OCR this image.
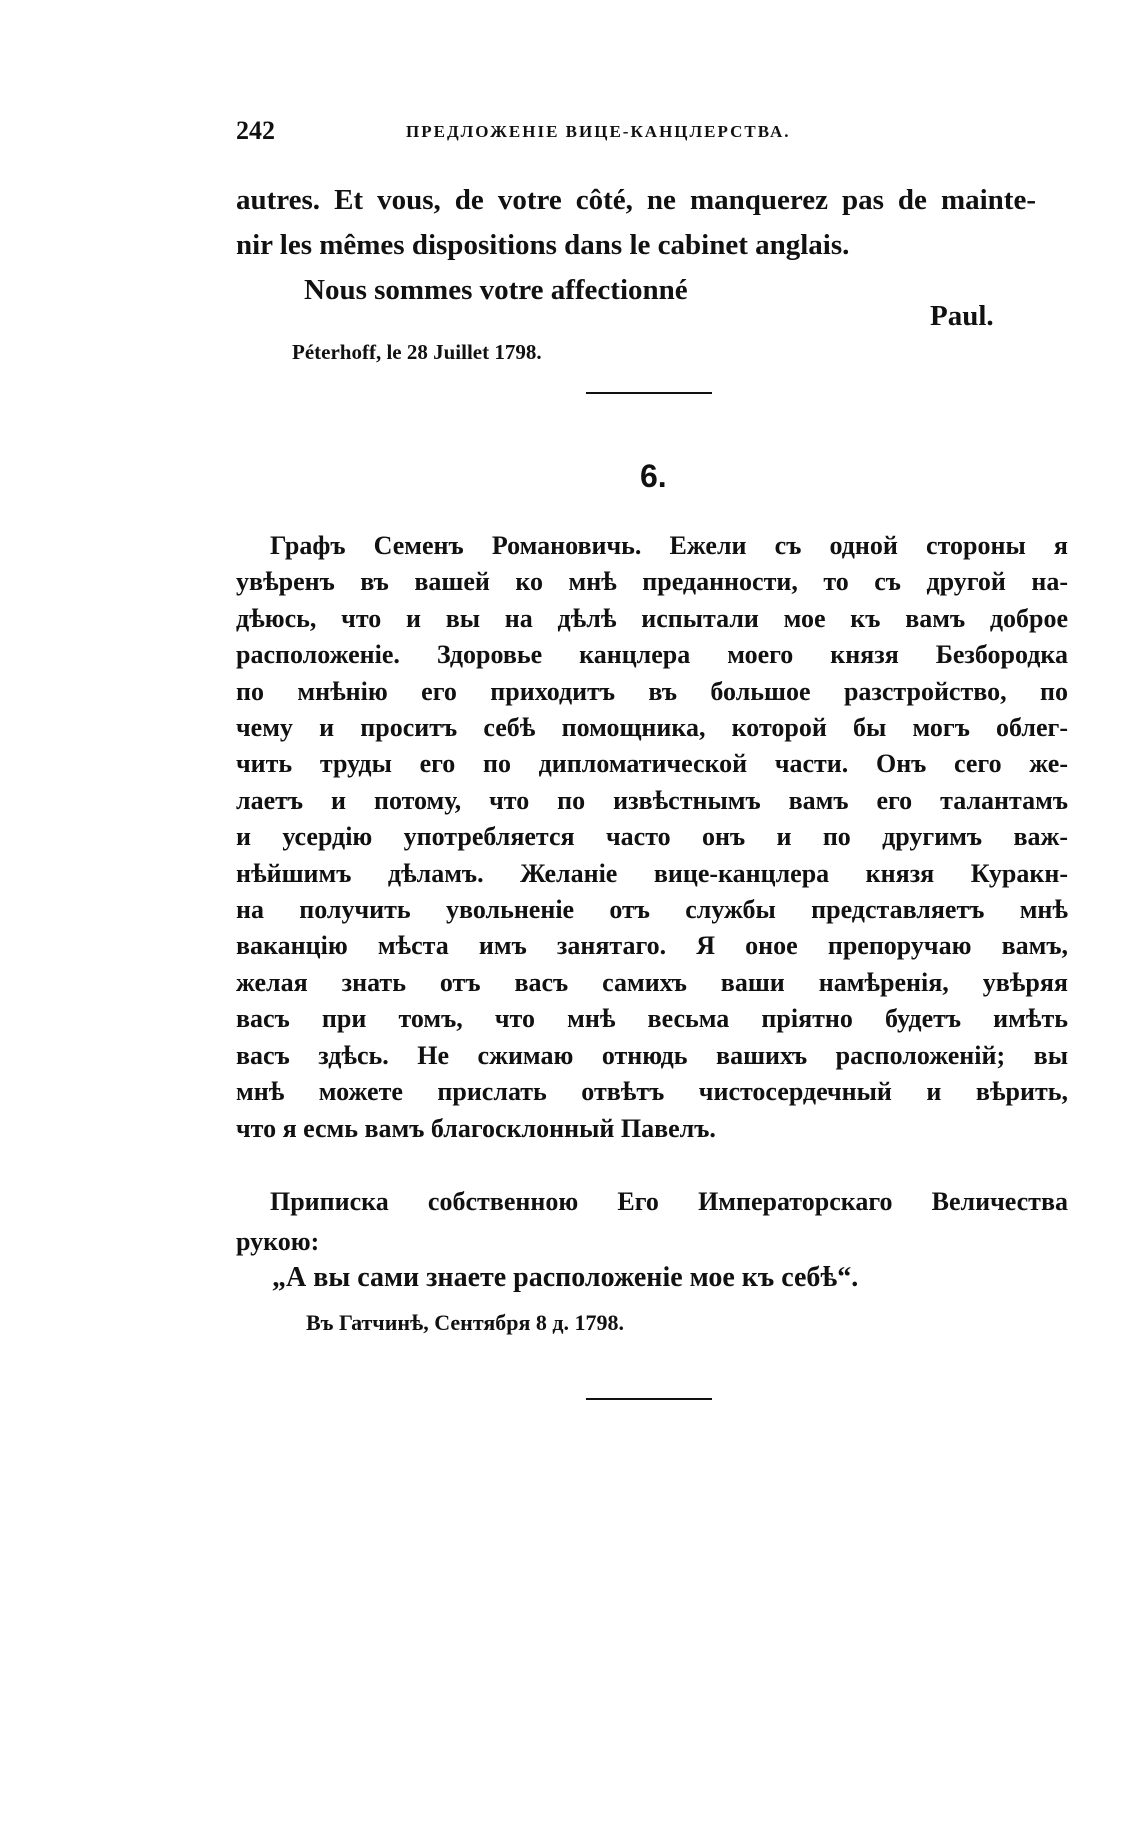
242	ПРЕДЛОЖЕНІЕ ВИЦЕ-КАНЦЛЕРСТВА.
autres. Et vous, de votre côté, ne manquerez pas de mainte-
nir les mêmes dispositions dans le cabinet anglais.
Nous sommes votre affectionné
Paul.
Péterhoff, le 28 Juillet 1798.
6.
Графъ Семенъ Романовичь. Ежели съ одной стороны я
увѣренъ въ вашей ко мнѣ преданности, то съ другой на-
дѣюсь, что и вы на дѣлѣ испытали мое къ вамъ доброе
расположеніе. Здоровье канцлера моего князя Безбородка
по мнѣнію его приходитъ въ большое разстройство, по
чему и проситъ себѣ помощника, которой бы могъ облег-
чить труды его по дипломатической части. Онъ сего же-
лаетъ и потому, что по извѣстнымъ вамъ его талантамъ
и усердію употребляется часто онъ и по другимъ важ-
нѣйшимъ дѣламъ. Желаніе вице-канцлера князя Куракн-
на получить увольненіе отъ службы представляетъ мнѣ
ваканцію мѣста имъ занятаго. Я оное препоручаю вамъ,
желая знать отъ васъ самихъ ваши намѣренія, увѣряя
васъ при томъ, что мнѣ весьма пріятно будетъ имѣть
васъ здѣсь. Не сжимаю отнюдь вашихъ расположеній; вы
мнѣ можете прислать отвѣтъ чистосердечный и вѣрить,
что я есмь вамъ благосклонный Павелъ.
Приписка собственною Его Императорскаго Величества
рукою:
„А вы сами знаете расположеніе мое къ себѣ“.
Въ Гатчинѣ, Сентября 8 д. 1798.
